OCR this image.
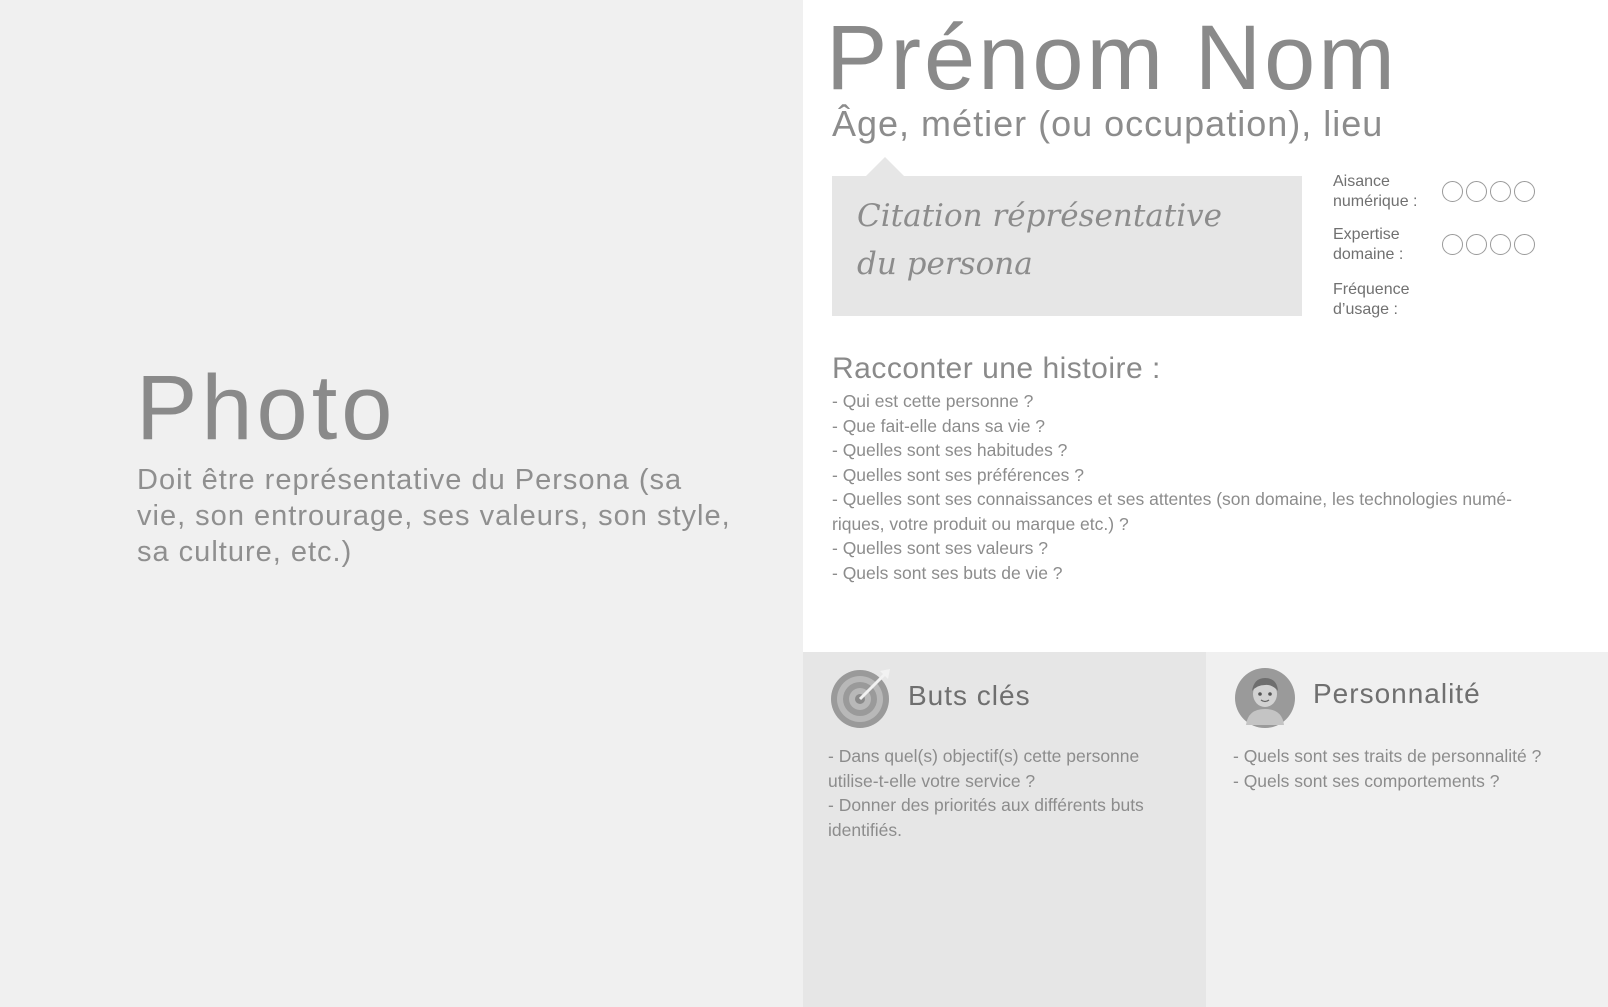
Photo
Doit être représentative du Persona (sa vie, son entrourage, ses valeurs, son style, sa culture, etc.)
Prénom Nom
Âge, métier (ou occupation), lieu
Citation réprésentative du persona
Aisance
numérique :
Expertise
domaine :
Fréquence
d’usage :
Racconter une histoire :
- Qui est cette personne ?
- Que fait-elle dans sa vie ?
- Quelles sont ses habitudes ?
- Quelles sont ses préférences ?
- Quelles sont ses connaissances et ses attentes (son domaine, les technologies numé-riques, votre produit ou marque etc.) ?
- Quelles sont ses valeurs ?
- Quels sont ses buts de vie ?
Buts clés
- Dans quel(s) objectif(s) cette personne utilise-t-elle votre service ?
- Donner des priorités aux différents buts identifiés.
Personnalité
- Quels sont ses traits de personnalité ?
- Quels sont ses comportements ?
